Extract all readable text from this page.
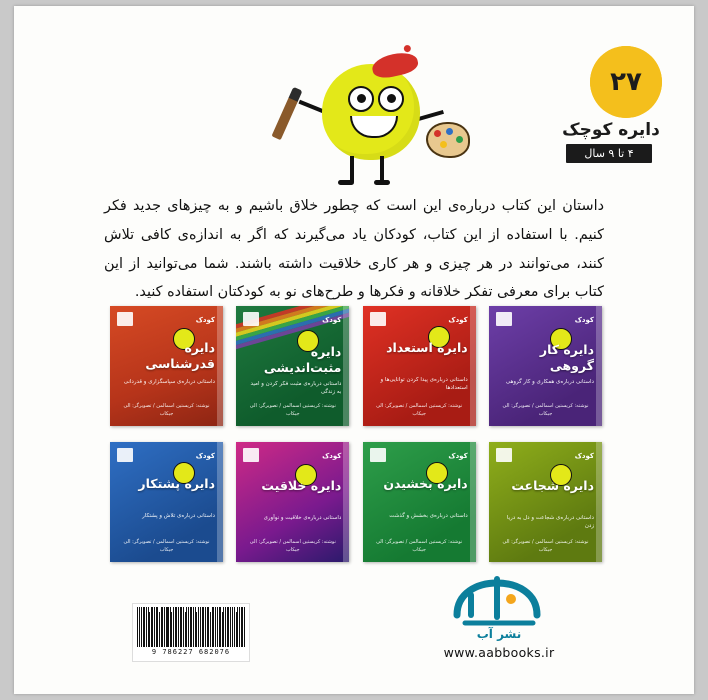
۲۷
دایره کوچک
۴ تا ۹ سال
داستان این کتاب درباره‌ی این است که چطور خلاق باشیم و به چیزهای جدید فکر کنیم. با استفاده از این کتاب، کودکان یاد می‌گیرند که اگر به اندازه‌ی کافی تلاش کنند، می‌توانند در هر چیزی و هر کاری خلاقیت داشته باشند. شما می‌توانید از این کتاب برای معرفی تفکر خلاقانه و فکرها و طرح‌های نو به کودکتان استفاده کنید.
کودک
دایره قدرشناسی
داستانی درباره‌ی سپاسگزاری و قدردانی
نوشته: کریستین اسمالمن / تصویرگر: الی جیکاب
کودک
دایره مثبت‌اندیشی
داستانی درباره‌ی مثبت فکر کردن و امید به زندگی
نوشته: کریستین اسمالمن / تصویرگر: الی جیکاب
کودک
دایره استعداد
داستانی درباره‌ی پیدا کردن توانایی‌ها و استعدادها
نوشته: کریستین اسمالمن / تصویرگر: الی جیکاب
کودک
دایره کار گروهی
داستانی درباره‌ی همکاری و کار گروهی
نوشته: کریستین اسمالمن / تصویرگر: الی جیکاب
کودک
دایره پشتکار
داستانی درباره‌ی تلاش و پشتکار
نوشته: کریستین اسمالمن / تصویرگر: الی جیکاب
کودک
دایره خلاقیت
داستانی درباره‌ی خلاقیت و نوآوری
نوشته: کریستین اسمالمن / تصویرگر: الی جیکاب
کودک
دایره بخشیدن
داستانی درباره‌ی بخشش و گذشت
نوشته: کریستین اسمالمن / تصویرگر: الی جیکاب
کودک
دایره شجاعت
داستانی درباره‌ی شجاعت و دل به دریا زدن
نوشته: کریستین اسمالمن / تصویرگر: الی جیکاب
9 786227 682076
نشر آب
www.aabbooks.ir
